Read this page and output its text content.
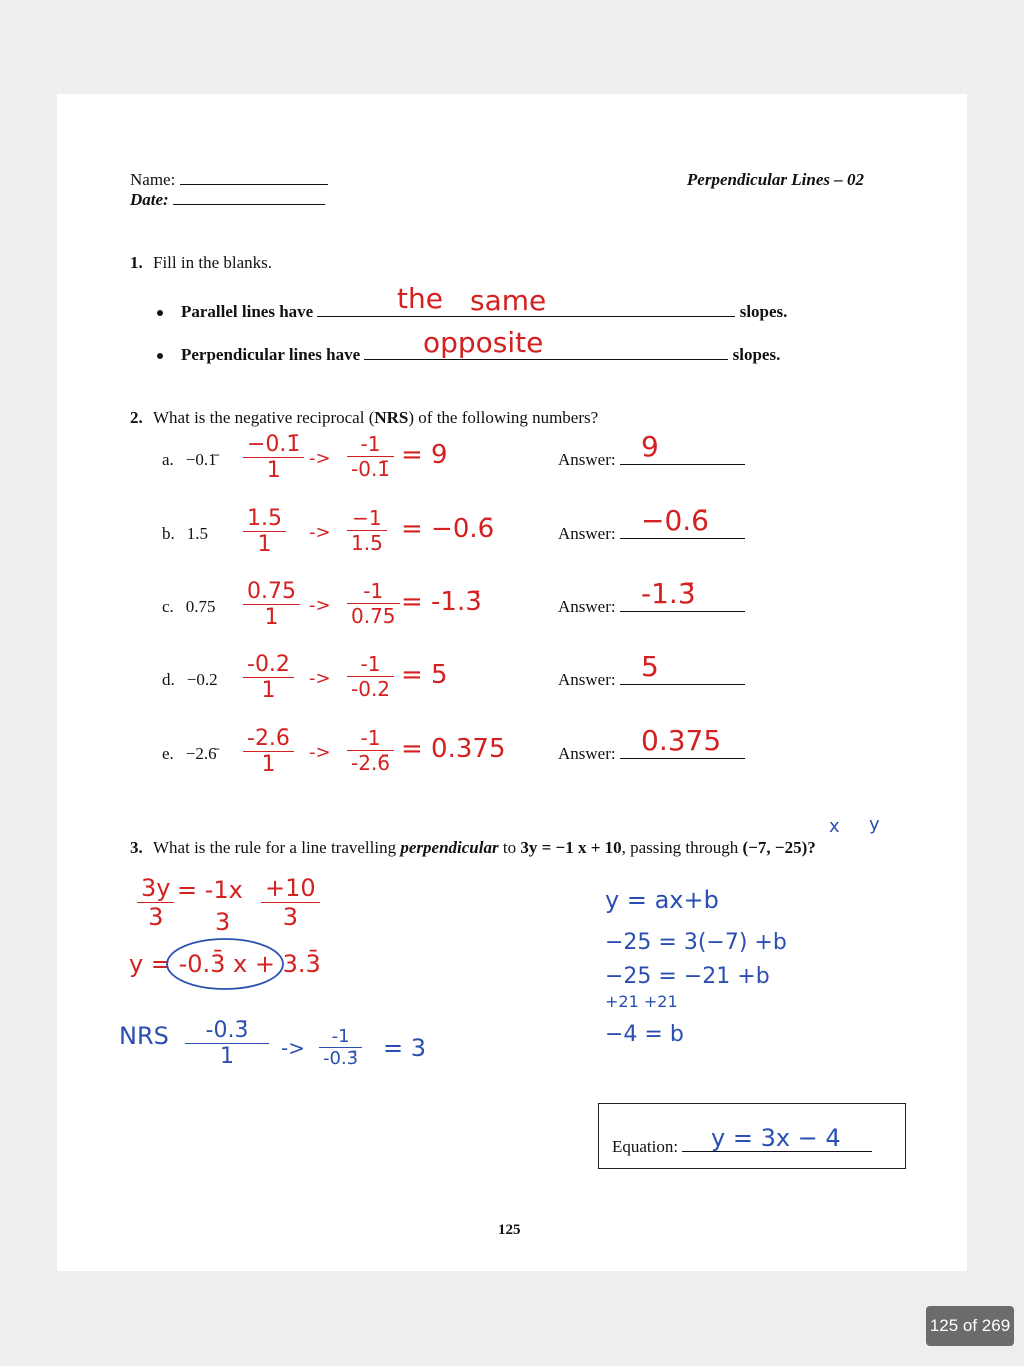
Name:
Date:
Perpendicular Lines – 02
1. Fill in the blanks.
Parallel lines have	slopes.
the same
Perpendicular lines have	slopes.
opposite
2. What is the negative reciprocal (NRS) of the following numbers?
3. What is the rule for a line travelling perpendicular to 3y = −1 x + 10, passing through (−7, −25)?
x y
$\frac{3y}{3} = -1x$
$3 \frac{+10}{3}$
y = -0.3̄ x + 3.3̄
NRS $\frac{-0.3̄}{1} -> \frac{-1}{-0.3̄} = 3$
Equation:	y = 3x − 4
125
a. −0.1̄ $\frac{-0.1̄}{1} -> \frac{-1}{-0.1̄} = 9$	Answer: 9
b. $1.5 \frac{1.5}{1} -> \frac{-1}{1.5}$ = −0.6̄	Answer: −0.6̄
c. $0.75 \frac{0.75}{1} -> \frac{-1}{0.75}$ = -1.3̄	Answer: -1.3̄
d. $-0.2 \frac{-0.2}{1} -> \frac{-1}{-0.2} = 5$	Answer: 5
e. −2.6̄ $\frac{-2.6̄}{1} -> \frac{-1}{-2.6̄} = 0.375$	Answer: 0.375
y = ax+b
−25 = 3(−7) +b
−25 = −21 +b
+21 +21
−4 = b
125 of 269
